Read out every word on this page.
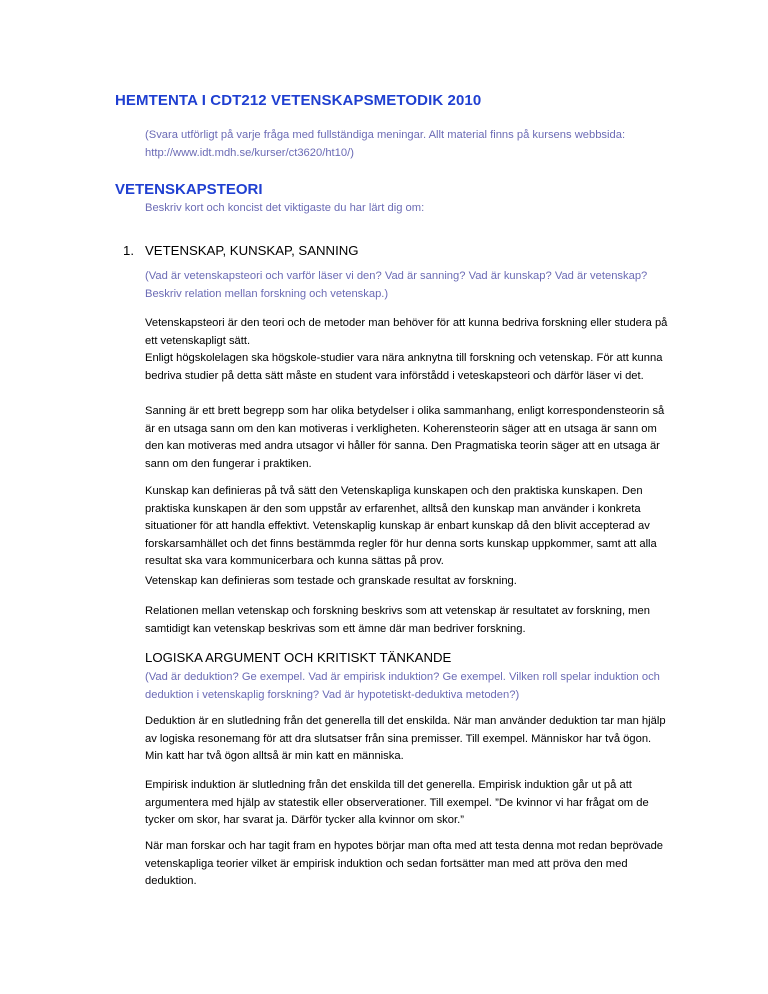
HEMTENTA I CDT212 VETENSKAPSMETODIK 2010
(Svara utförligt på varje fråga med fullständiga meningar. Allt material finns på kursens webbsida: http://www.idt.mdh.se/kurser/ct3620/ht10/)
VETENSKAPSTEORI
Beskriv kort och koncist det viktigaste du har lärt dig om:
1. VETENSKAP, KUNSKAP, SANNING
(Vad är vetenskapsteori och varför läser vi den? Vad är sanning? Vad är kunskap? Vad är vetenskap? Beskriv relation mellan forskning och vetenskap.)

Vetenskapsteori är den teori och de metoder man behöver för att kunna bedriva forskning eller studera på ett vetenskapligt sätt.

Enligt högskolelagen ska högskole-studier vara nära anknytna till forskning och vetenskap. För att kunna bedriva studier på detta sätt måste en student vara införstådd i veteskapsteori och därför läser vi det.

Sanning är ett brett begrepp som har olika betydelser i olika sammanhang, enligt korrespondensteorin så är en utsaga sann om den kan motiveras i verkligheten. Koherensteorin säger att en utsaga är sann om den kan motiveras med andra utsagor vi håller för sanna. Den Pragmatiska teorin säger att en utsaga är sann om den fungerar i praktiken.
Kunskap kan definieras på två sätt den Vetenskapliga kunskapen och den praktiska kunskapen. Den praktiska kunskapen är den som uppstår av erfarenhet, alltså den kunskap man använder i konkreta situationer för att handla effektivt. Vetenskaplig kunskap är enbart kunskap då den blivit accepterad av forskarsamhället och det finns bestämmda regler för hur denna sorts kunskap uppkommer, samt att alla resultat ska vara kommunicerbara och kunna sättas på prov.
Vetenskap kan definieras som testade och granskade resultat av forskning.
Relationen mellan vetenskap och forskning beskrivs som att vetenskap är resultatet av forskning, men samtidigt kan vetenskap beskrivas som ett ämne där man bedriver forskning.
LOGISKA ARGUMENT OCH KRITISKT TÄNKANDE
(Vad är deduktion? Ge exempel. Vad är empirisk induktion? Ge exempel. Vilken roll spelar induktion och deduktion i vetenskaplig forskning? Vad är hypotetiskt-deduktiva metoden?)
Deduktion är en slutledning från det generella till det enskilda. När man använder deduktion tar man hjälp av logiska resonemang för att dra slutsatser från sina premisser. Till exempel. Människor har två ögon. Min katt har två ögon alltså är min katt en människa.
Empirisk induktion är slutledning från det enskilda till det generella. Empirisk induktion går ut på att argumentera med hjälp av statestik eller observerationer. Till exempel. ”De kvinnor vi har frågat om de tycker om skor, har svarat ja. Därför tycker alla kvinnor om skor.”
När man forskar och har tagit fram en hypotes börjar man ofta med att testa denna mot redan beprövade vetenskapliga teorier vilket är empirisk induktion och sedan fortsätter man med att pröva den med deduktion.
